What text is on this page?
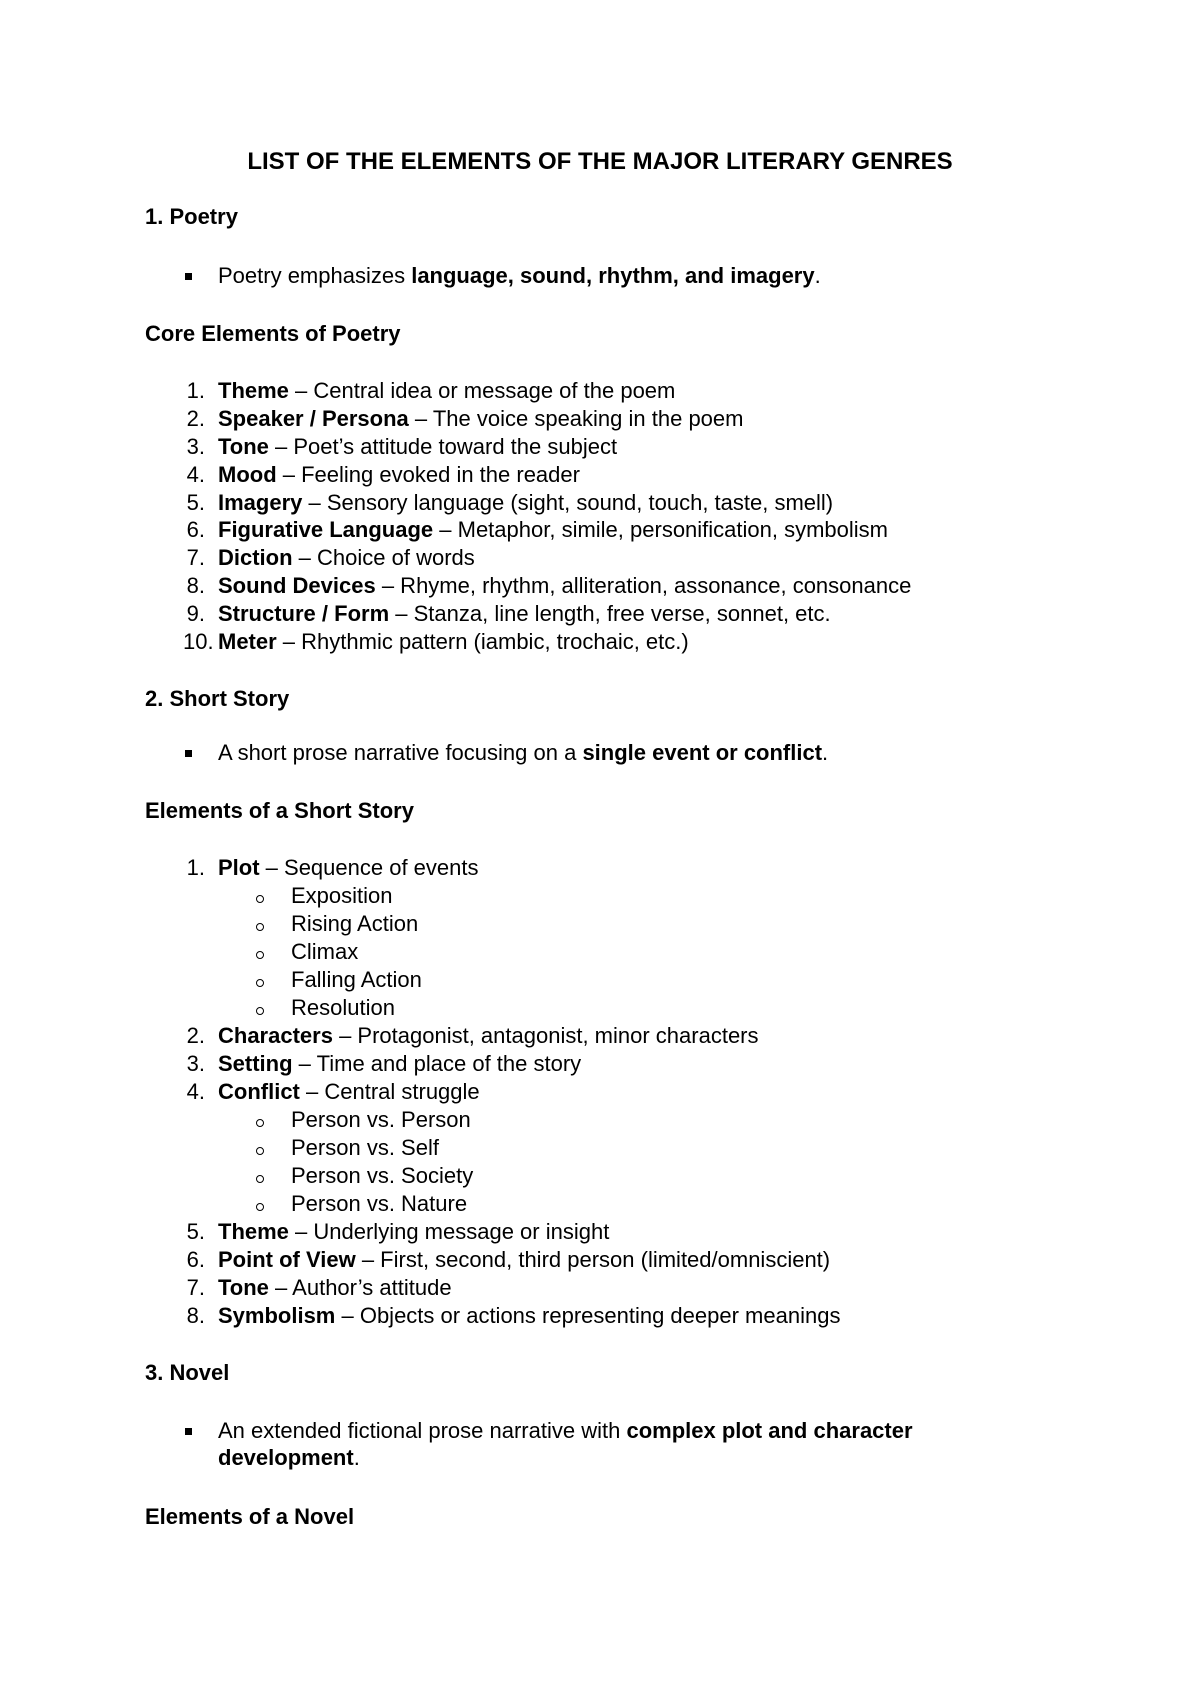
LIST OF THE ELEMENTS OF THE MAJOR LITERARY GENRES
1. Poetry
Poetry emphasizes language, sound, rhythm, and imagery.
Core Elements of Poetry
1. Theme – Central idea or message of the poem
2. Speaker / Persona – The voice speaking in the poem
3. Tone – Poet’s attitude toward the subject
4. Mood – Feeling evoked in the reader
5. Imagery – Sensory language (sight, sound, touch, taste, smell)
6. Figurative Language – Metaphor, simile, personification, symbolism
7. Diction – Choice of words
8. Sound Devices – Rhyme, rhythm, alliteration, assonance, consonance
9. Structure / Form – Stanza, line length, free verse, sonnet, etc.
10. Meter – Rhythmic pattern (iambic, trochaic, etc.)
2. Short Story
A short prose narrative focusing on a single event or conflict.
Elements of a Short Story
1. Plot – Sequence of events
Exposition
Rising Action
Climax
Falling Action
Resolution
2. Characters – Protagonist, antagonist, minor characters
3. Setting – Time and place of the story
4. Conflict – Central struggle
Person vs. Person
Person vs. Self
Person vs. Society
Person vs. Nature
5. Theme – Underlying message or insight
6. Point of View – First, second, third person (limited/omniscient)
7. Tone – Author’s attitude
8. Symbolism – Objects or actions representing deeper meanings
3. Novel
An extended fictional prose narrative with complex plot and character
development.
Elements of a Novel
